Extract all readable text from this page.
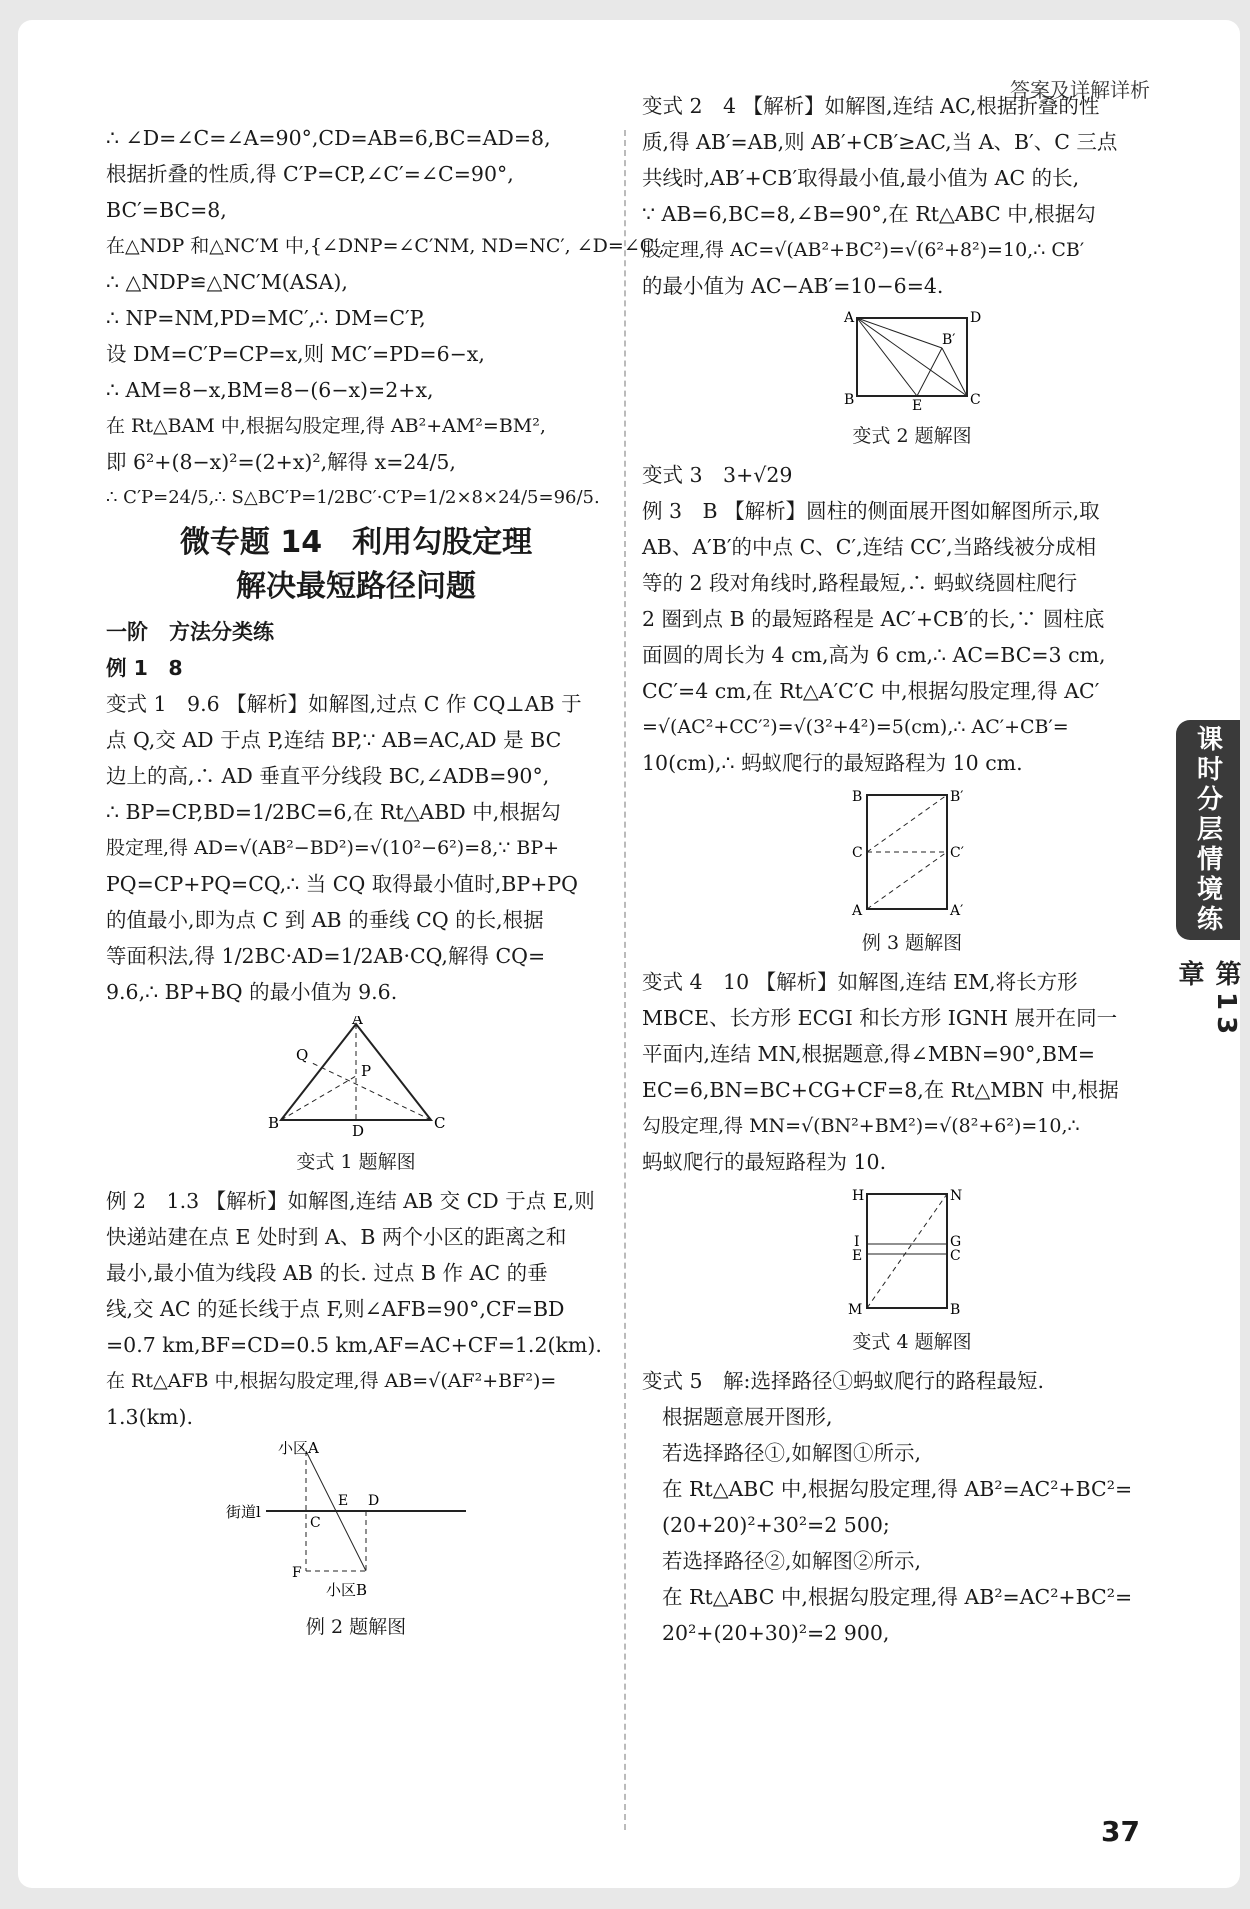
答案及详解详析
∴ ∠D=∠C=∠A=90°,CD=AB=6,BC=AD=8,
根据折叠的性质,得 C′P=CP,∠C′=∠C=90°,
BC′=BC=8,
在△NDP 和△NC′M 中,{∠DNP=∠C′NM, ND=NC′, ∠D=∠C′,
∴ △NDP≌△NC′M(ASA),
∴ NP=NM,PD=MC′,∴ DM=C′P,
设 DM=C′P=CP=x,则 MC′=PD=6−x,
∴ AM=8−x,BM=8−(6−x)=2+x,
在 Rt△BAM 中,根据勾股定理,得 AB²+AM²=BM²,
即 6²+(8−x)²=(2+x)²,解得 x=24/5,
∴ C′P=24/5,∴ S△BC′P=1/2BC′·C′P=1/2×8×24/5=96/5.
微专题 14　利用勾股定理
解决最短路径问题
一阶　方法分类练
例 1　8
变式 1　9.6 【解析】如解图,过点 C 作 CQ⊥AB 于
点 Q,交 AD 于点 P,连结 BP,∵ AB=AC,AD 是 BC
边上的高,∴ AD 垂直平分线段 BC,∠ADB=90°,
∴ BP=CP,BD=1/2BC=6,在 Rt△ABD 中,根据勾
股定理,得 AD=√(AB²−BD²)=√(10²−6²)=8,∵ BP+
PQ=CP+PQ=CQ,∴ 当 CQ 取得最小值时,BP+PQ
的值最小,即为点 C 到 AB 的垂线 CQ 的长,根据
等面积法,得 1/2BC·AD=1/2AB·CQ,解得 CQ=
9.6,∴ BP+BQ 的最小值为 9.6.
A
B	C
D
Q
P
变式 1 题解图
例 2　1.3 【解析】如解图,连结 AB 交 CD 于点 E,则
快递站建在点 E 处时到 A、B 两个小区的距离之和
最小,最小值为线段 AB 的长. 过点 B 作 AC 的垂
线,交 AC 的延长线于点 F,则∠AFB=90°,CF=BD
=0.7 km,BF=CD=0.5 km,AF=AC+CF=1.2(km).
在 Rt△AFB 中,根据勾股定理,得 AB=√(AF²+BF²)=
1.3(km).
小区A
街道l
C
E D
F
小区B
例 2 题解图
变式 2　4 【解析】如解图,连结 AC,根据折叠的性
质,得 AB′=AB,则 AB′+CB′≥AC,当 A、B′、C 三点
共线时,AB′+CB′取得最小值,最小值为 AC 的长,
∵ AB=6,BC=8,∠B=90°,在 Rt△ABC 中,根据勾
股定理,得 AC=√(AB²+BC²)=√(6²+8²)=10,∴ CB′
的最小值为 AC−AB′=10−6=4.
A	D
B	C
B′
E
变式 2 题解图
变式 3　3+√29
例 3　B 【解析】圆柱的侧面展开图如解图所示,取
AB、A′B′的中点 C、C′,连结 CC′,当路线被分成相
等的 2 段对角线时,路程最短,∴ 蚂蚁绕圆柱爬行
2 圈到点 B 的最短路程是 AC′+CB′的长,∵ 圆柱底
面圆的周长为 4 cm,高为 6 cm,∴ AC=BC=3 cm,
CC′=4 cm,在 Rt△A′C′C 中,根据勾股定理,得 AC′
=√(AC²+CC′²)=√(3²+4²)=5(cm),∴ AC′+CB′=
10(cm),∴ 蚂蚁爬行的最短路程为 10 cm.
B	B′
C	C′
A	A′
例 3 题解图
变式 4　10 【解析】如解图,连结 EM,将长方形
MBCE、长方形 ECGI 和长方形 IGNH 展开在同一
平面内,连结 MN,根据题意,得∠MBN=90°,BM=
EC=6,BN=BC+CG+CF=8,在 Rt△MBN 中,根据
勾股定理,得 MN=√(BN²+BM²)=√(8²+6²)=10,∴
蚂蚁爬行的最短路程为 10.
H	N
I	G
E	C
M	B
变式 4 题解图
变式 5　解:选择路径①蚂蚁爬行的路程最短.
根据题意展开图形,
若选择路径①,如解图①所示,
在 Rt△ABC 中,根据勾股定理,得 AB²=AC²+BC²=
(20+20)²+30²=2 500;
若选择路径②,如解图②所示,
在 Rt△ABC 中,根据勾股定理,得 AB²=AC²+BC²=
20²+(20+30)²=2 900,
课时分层情境练
第13章
37
